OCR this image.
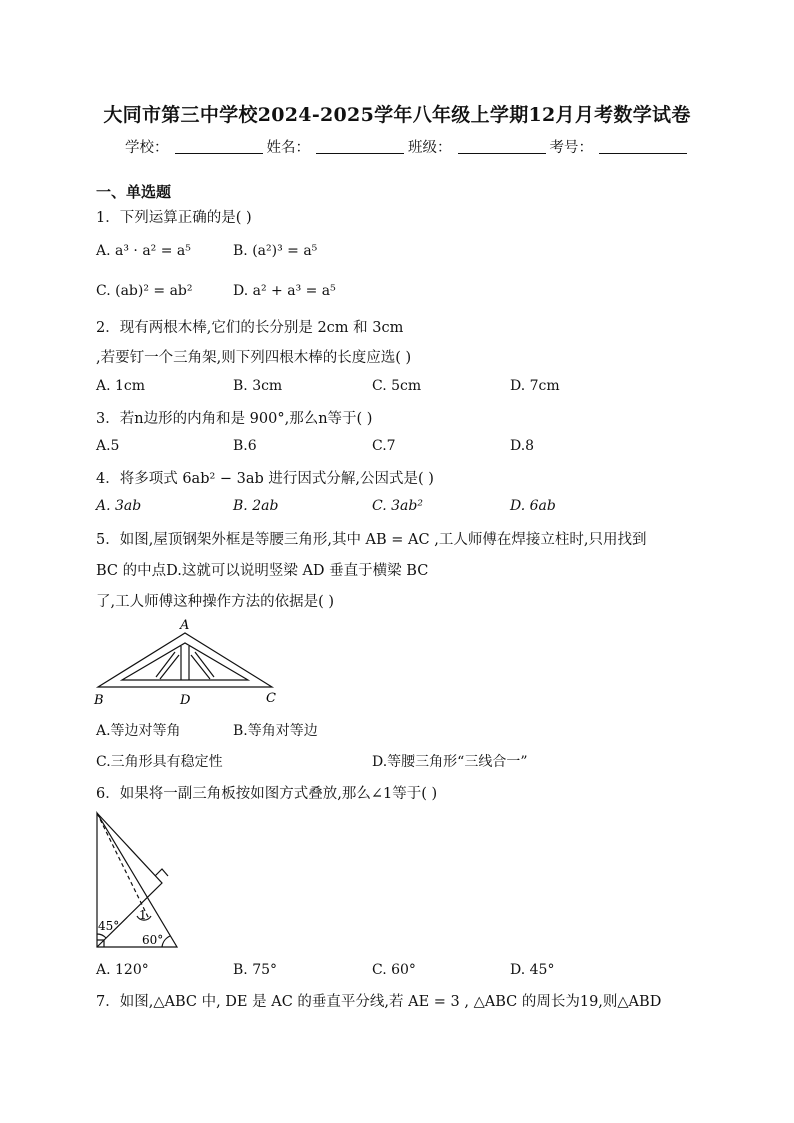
大同市第三中学校2024-2025学年八年级上学期12月月考数学试卷
学校：	姓名：	班级：	考号：
一、单选题
1．下列运算正确的是( )
A. a³ · a² = a⁵	B. (a²)³ = a⁵
C. (ab)² = ab²	D. a² + a³ = a⁵
2．现有两根木棒,它们的长分别是 2cm 和 3cm
,若要钉一个三角架,则下列四根木棒的长度应选( )
A. 1cm	B. 3cm	C. 5cm	D. 7cm
3．若n边形的内角和是 900°,那么n等于( )
A.5	B.6	C.7	D.8
4．将多项式 6ab² − 3ab 进行因式分解,公因式是( )
A. 3ab	B. 2ab	C. 3ab²	D. 6ab
5．如图,屋顶钢架外框是等腰三角形,其中 AB = AC ,工人师傅在焊接立柱时,只用找到
BC 的中点D.这就可以说明竖梁 AD 垂直于横梁 BC
了,工人师傅这种操作方法的依据是( )
A
B	D	C
A.等边对等角	B.等角对等边
C.三角形具有稳定性	D.等腰三角形“三线合一”
6．如果将一副三角板按如图方式叠放,那么∠1等于( )
1
45°
60°
A. 120°	B. 75°	C. 60°	D. 45°
7．如图,△ABC 中, DE 是 AC 的垂直平分线,若 AE = 3 , △ABC 的周长为19,则△ABD
